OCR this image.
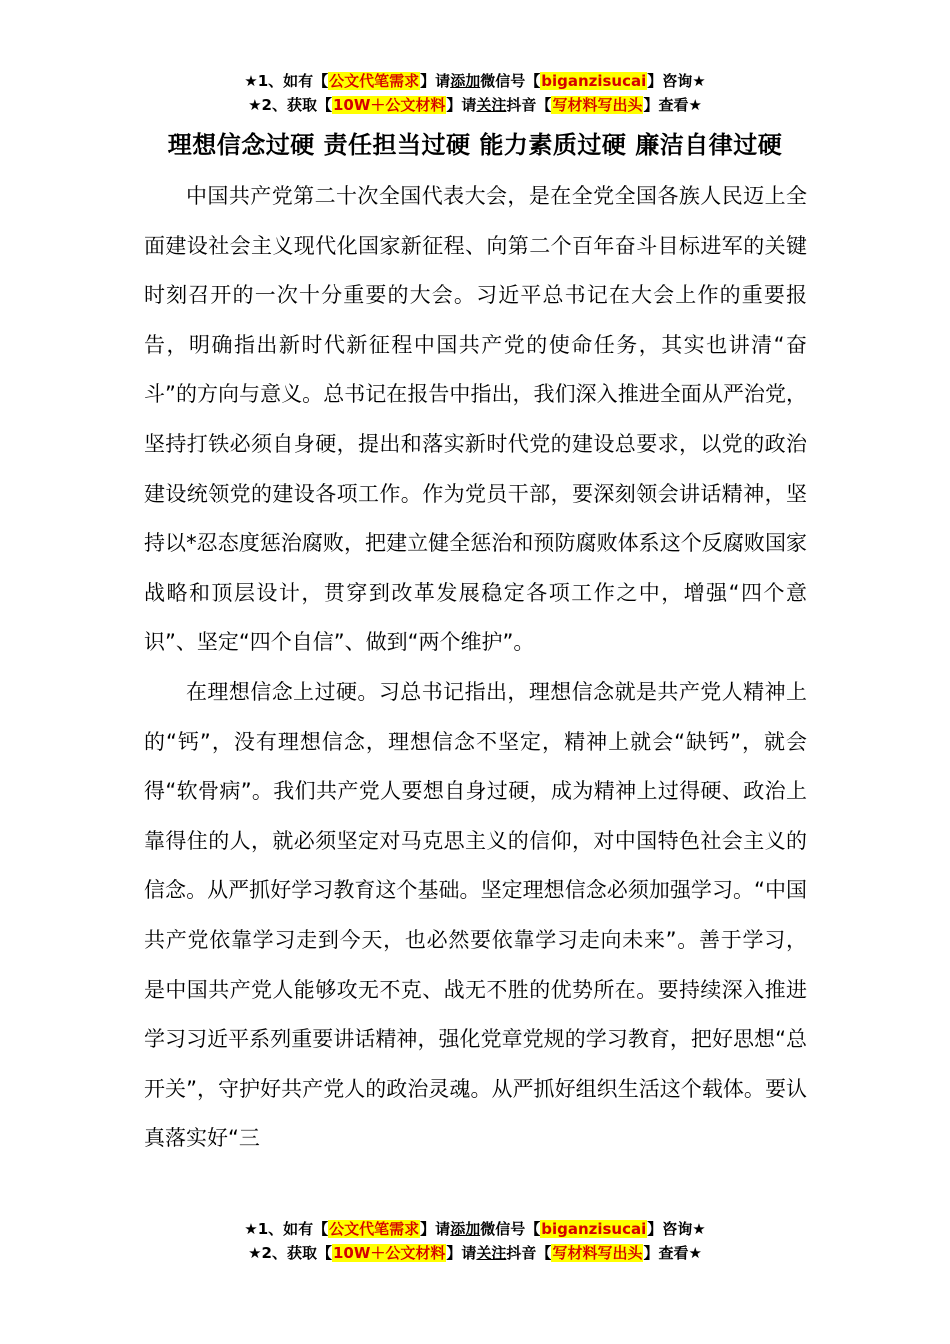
★1、如有【公文代笔需求】请添加微信号【biganzisucai】咨询★
★2、获取【10W＋公文材料】请关注抖音【写材料写出头】查看★
理想信念过硬 责任担当过硬 能力素质过硬 廉洁自律过硬

中国共产党第二十次全国代表大会，是在全党全国各族人民迈上全面建设社会主义现代化国家新征程、向第二个百年奋斗目标进军的关键时刻召开的一次十分重要的大会。习近平总书记在大会上作的重要报告，明确指出新时代新征程中国共产党的使命任务，其实也讲清“奋斗”的方向与意义。总书记在报告中指出，我们深入推进全面从严治党，坚持打铁必须自身硬，提出和落实新时代党的建设总要求，以党的政治建设统领党的建设各项工作。作为党员干部，要深刻领会讲话精神，坚持以*忍态度惩治腐败，把建立健全惩治和预防腐败体系这个反腐败国家战略和顶层设计，贯穿到改革发展稳定各项工作之中，增强“四个意识”、坚定“四个自信”、做到“两个维护”。

在理想信念上过硬。习总书记指出，理想信念就是共产党人精神上的“钙”，没有理想信念，理想信念不坚定，精神上就会“缺钙”，就会得“软骨病”。我们共产党人要想自身过硬，成为精神上过得硬、政治上靠得住的人，就必须坚定对马克思主义的信仰，对中国特色社会主义的信念。从严抓好学习教育这个基础。坚定理想信念必须加强学习。“中国共产党依靠学习走到今天，也必然要依靠学习走向未来”。善于学习， 是中国共产党人能够攻无不克、战无不胜的优势所在。要持续深入推进学习习近平系列重要讲话精神，强化党章党规的学习教育，把好思想“总开关”，守护好共产党人的政治灵魂。从严抓好组织生活这个载体。要认真落实好“三

★1、如有【公文代笔需求】请添加微信号【biganzisucai】咨询★
★2、获取【10W＋公文材料】请关注抖音【写材料写出头】查看★
